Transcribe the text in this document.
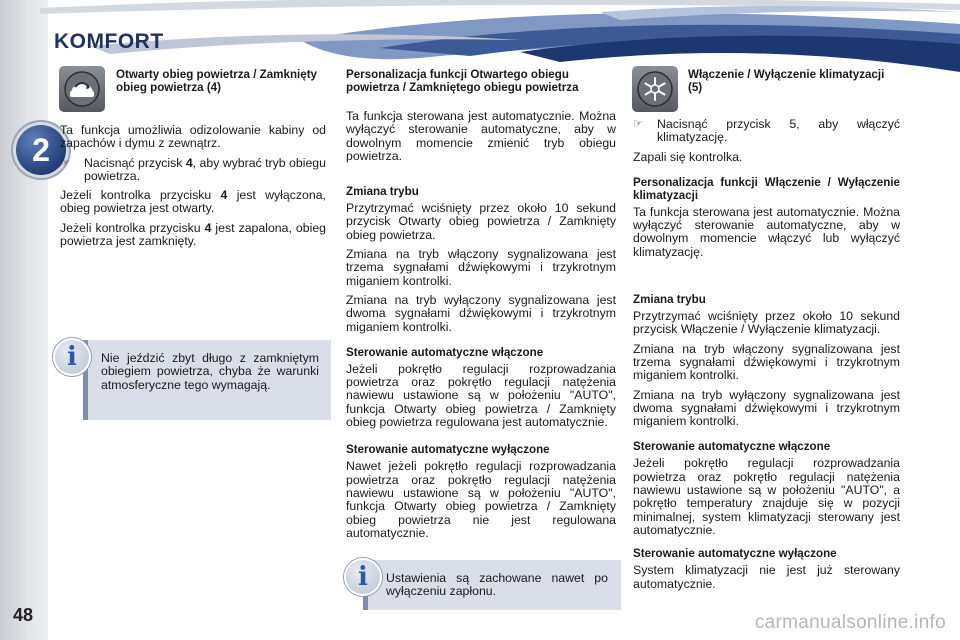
KOMFORT
2
48
Otwarty obieg powietrza / Zamknięty obieg powietrza (4)

Ta funkcja umożliwia odizolowanie kabiny od zapachów i dymu z zewnątrz.

☞	Nacisnąć przycisk 4, aby wybrać tryb obiegu powietrza.

Jeżeli kontrolka przycisku 4 jest wyłączona, obieg powietrza jest otwarty.

Jeżeli kontrolka przycisku 4 jest zapalona, obieg powietrza jest zamknięty.

i	Nie jeździć zbyt długo z zamkniętym obiegiem powietrza, chyba że warunki atmosferyczne tego wymagają.
Personalizacja funkcji Otwartego obiegu powietrza / Zamkniętego obiegu powietrza

Ta funkcja sterowana jest automatycznie. Można wyłączyć sterowanie automatyczne, aby w dowolnym momencie zmienić tryb obiegu powietrza.

Zmiana trybu

Przytrzymać wciśnięty przez około 10 sekund przycisk Otwarty obieg powietrza / Zamknięty obieg powietrza.

Zmiana na tryb włączony sygnalizowana jest trzema sygnałami dźwiękowymi i trzykrotnym miganiem kontrolki.

Zmiana na tryb wyłączony sygnalizowana jest dwoma sygnałami dźwiękowymi i trzykrotnym miganiem kontrolki.

Sterowanie automatyczne włączone

Jeżeli pokrętło regulacji rozprowadzania powietrza oraz pokrętło regulacji natężenia nawiewu ustawione są w położeniu "AUTO", funkcja Otwarty obieg powietrza / Zamknięty obieg powietrza regulowana jest automatycznie.

Sterowanie automatyczne wyłączone

Nawet jeżeli pokrętło regulacji rozprowadzania powietrza oraz pokrętło regulacji natężenia nawiewu ustawione są w położeniu "AUTO", funkcja Otwarty obieg powietrza / Zamknięty obieg powietrza nie jest regulowana automatycznie.

i	Ustawienia są zachowane nawet po wyłączeniu zapłonu.
Włączenie / Wyłączenie klimatyzacji (5)
☞	Nacisnąć przycisk 5, aby włączyć klimatyzację.

Zapali się kontrolka.

Personalizacja funkcji Włączenie / Wyłączenie klimatyzacji

Ta funkcja sterowana jest automatycznie. Można wyłączyć sterowanie automatyczne, aby w dowolnym momencie włączyć lub wyłączyć klimatyzację.

Zmiana trybu

Przytrzymać wciśnięty przez około 10 sekund przycisk Włączenie / Wyłączenie klimatyzacji.

Zmiana na tryb włączony sygnalizowana jest trzema sygnałami dźwiękowymi i trzykrotnym miganiem kontrolki.

Zmiana na tryb wyłączony sygnalizowana jest dwoma sygnałami dźwiękowymi i trzykrotnym miganiem kontrolki.

Sterowanie automatyczne włączone

Jeżeli pokrętło regulacji rozprowadzania powietrza oraz pokrętło regulacji natężenia nawiewu ustawione są w położeniu "AUTO", a pokrętło temperatury znajduje się w pozycji minimalnej, system klimatyzacji sterowany jest automatycznie.

Sterowanie automatyczne wyłączone

System klimatyzacji nie jest już sterowany automatycznie.

carmanualsonline.info
